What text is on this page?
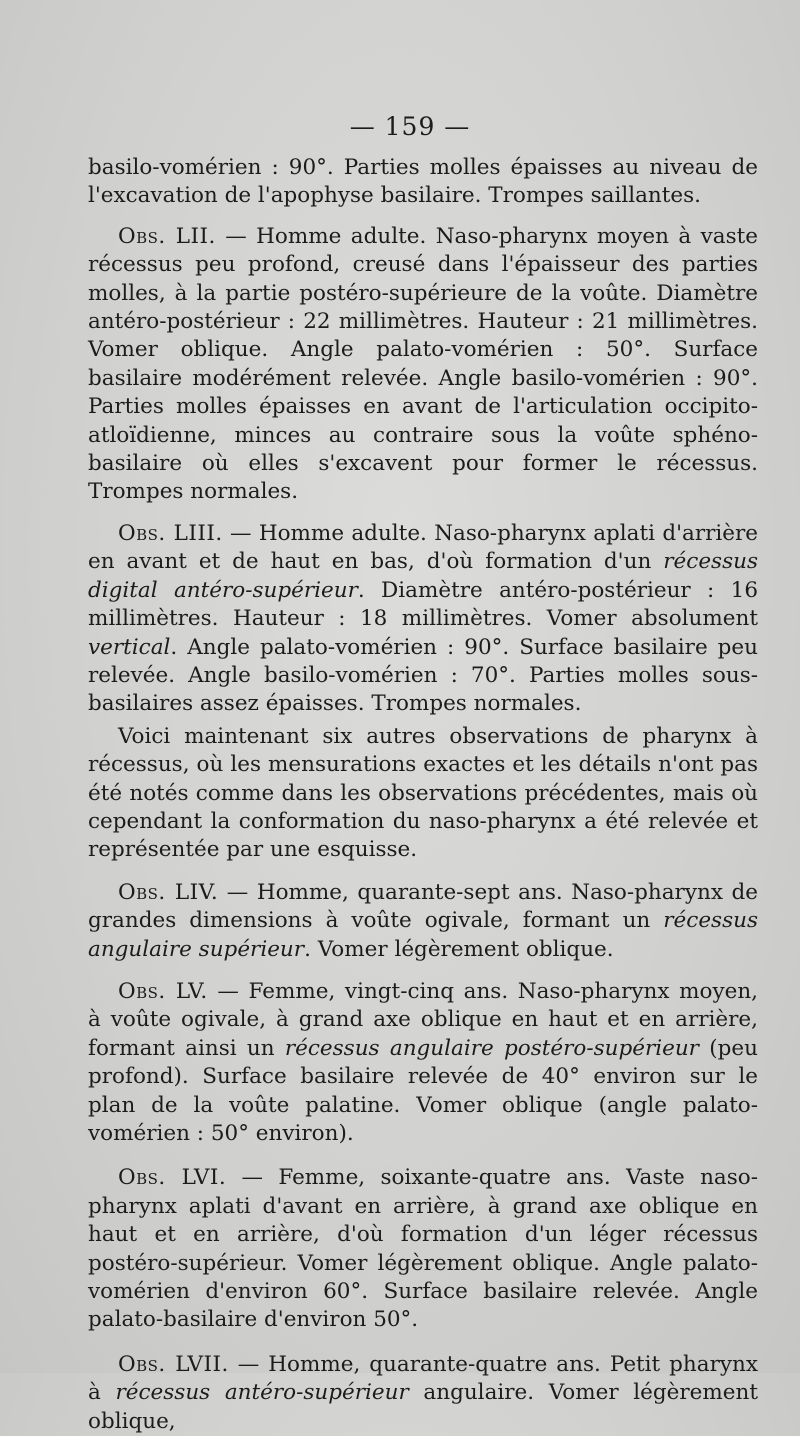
— 159 —

basilo-vomérien : 90°. Parties molles épaisses au niveau de l'excavation de l'apophyse basilaire. Trompes saillantes.

Obs. LII. — Homme adulte. Naso-pharynx moyen à vaste récessus peu profond, creusé dans l'épaisseur des parties molles, à la partie postéro-supérieure de la voûte. Diamètre antéro-postérieur : 22 millimètres. Hauteur : 21 millimètres. Vomer oblique. Angle palato-vomérien : 50°. Surface basilaire modérément relevée. Angle basilo-vomérien : 90°. Parties molles épaisses en avant de l'articulation occipito-atloïdienne, minces au contraire sous la voûte sphéno-basilaire où elles s'excavent pour former le récessus. Trompes normales.

Obs. LIII. — Homme adulte. Naso-pharynx aplati d'arrière en avant et de haut en bas, d'où formation d'un récessus digital antéro-supérieur. Diamètre antéro-postérieur : 16 millimètres. Hauteur : 18 millimètres. Vomer absolument vertical. Angle palato-vomérien : 90°. Surface basilaire peu relevée. Angle basilo-vomérien : 70°. Parties molles sous-basilaires assez épaisses. Trompes normales.

Voici maintenant six autres observations de pharynx à récessus, où les mensurations exactes et les détails n'ont pas été notés comme dans les observations précédentes, mais où cependant la conformation du naso-pharynx a été relevée et représentée par une esquisse.

Obs. LIV. — Homme, quarante-sept ans. Naso-pharynx de grandes dimensions à voûte ogivale, formant un récessus angulaire supérieur. Vomer légèrement oblique.

Obs. LV. — Femme, vingt-cinq ans. Naso-pharynx moyen, à voûte ogivale, à grand axe oblique en haut et en arrière, formant ainsi un récessus angulaire postéro-supérieur (peu profond). Surface basilaire relevée de 40° environ sur le plan de la voûte palatine. Vomer oblique (angle palato-vomérien : 50° environ).

Obs. LVI. — Femme, soixante-quatre ans. Vaste naso-pharynx aplati d'avant en arrière, à grand axe oblique en haut et en arrière, d'où formation d'un léger récessus postéro-supérieur. Vomer légèrement oblique. Angle palato-vomérien d'environ 60°. Surface basilaire relevée. Angle palato-basilaire d'environ 50°.

Obs. LVII. — Homme, quarante-quatre ans. Petit pharynx à récessus antéro-supérieur angulaire. Vomer légèrement oblique,
